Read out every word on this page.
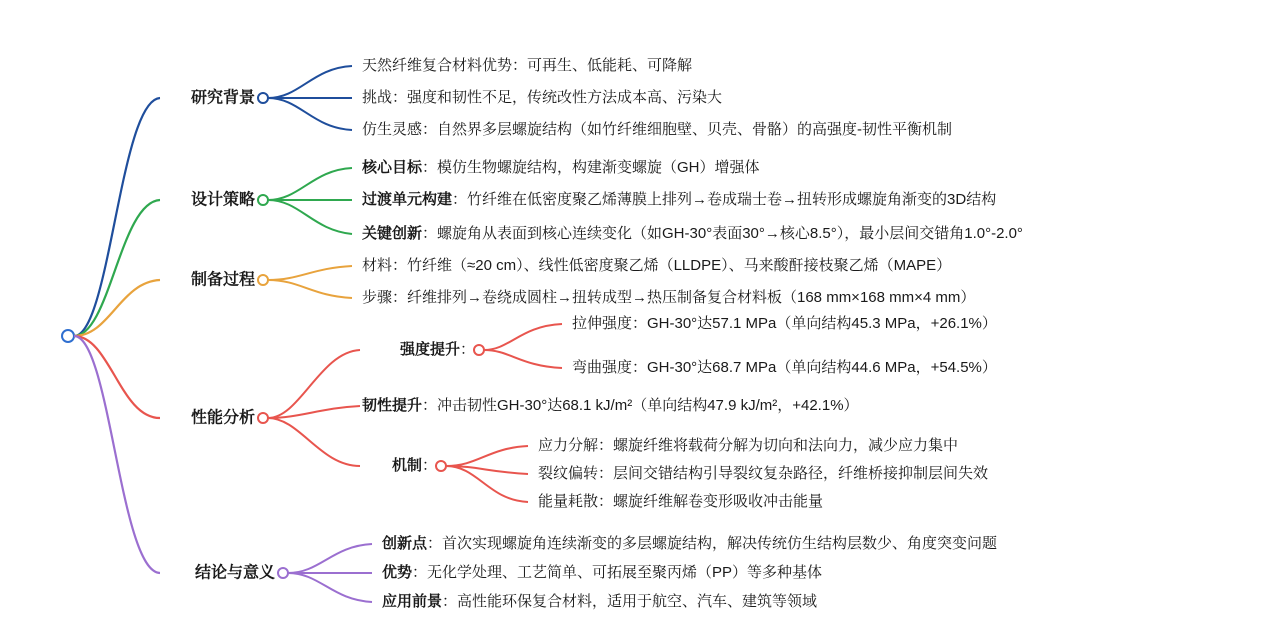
研究背景
设计策略
制备过程
性能分析
结论与意义
天然纤维复合材料优势：可再生、低能耗、可降解
挑战：强度和韧性不足，传统改性方法成本高、污染大
仿生灵感：自然界多层螺旋结构（如竹纤维细胞壁、贝壳、骨骼）的高强度-韧性平衡机制
核心目标：模仿生物螺旋结构，构建渐变螺旋（GH）增强体
过渡单元构建：竹纤维在低密度聚乙烯薄膜上排列→卷成瑞士卷→扭转形成螺旋角渐变的3D结构
关键创新：螺旋角从表面到核心连续变化（如GH-30°表面30°→核心8.5°），最小层间交错角1.0°-2.0°
材料：竹纤维（≈20 cm）、线性低密度聚乙烯（LLDPE）、马来酸酐接枝聚乙烯（MAPE）
步骤：纤维排列→卷绕成圆柱→扭转成型→热压制备复合材料板（168 mm×168 mm×4 mm）
强度提升：
拉伸强度：GH-30°达57.1 MPa（单向结构45.3 MPa，+26.1%）
弯曲强度：GH-30°达68.7 MPa（单向结构44.6 MPa，+54.5%）
韧性提升：冲击韧性GH-30°达68.1 kJ/m²（单向结构47.9 kJ/m²，+42.1%）
机制：
应力分解：螺旋纤维将载荷分解为切向和法向力，减少应力集中
裂纹偏转：层间交错结构引导裂纹复杂路径，纤维桥接抑制层间失效
能量耗散：螺旋纤维解卷变形吸收冲击能量
创新点：首次实现螺旋角连续渐变的多层螺旋结构，解决传统仿生结构层数少、角度突变问题
优势：无化学处理、工艺简单、可拓展至聚丙烯（PP）等多种基体
应用前景：高性能环保复合材料，适用于航空、汽车、建筑等领域
